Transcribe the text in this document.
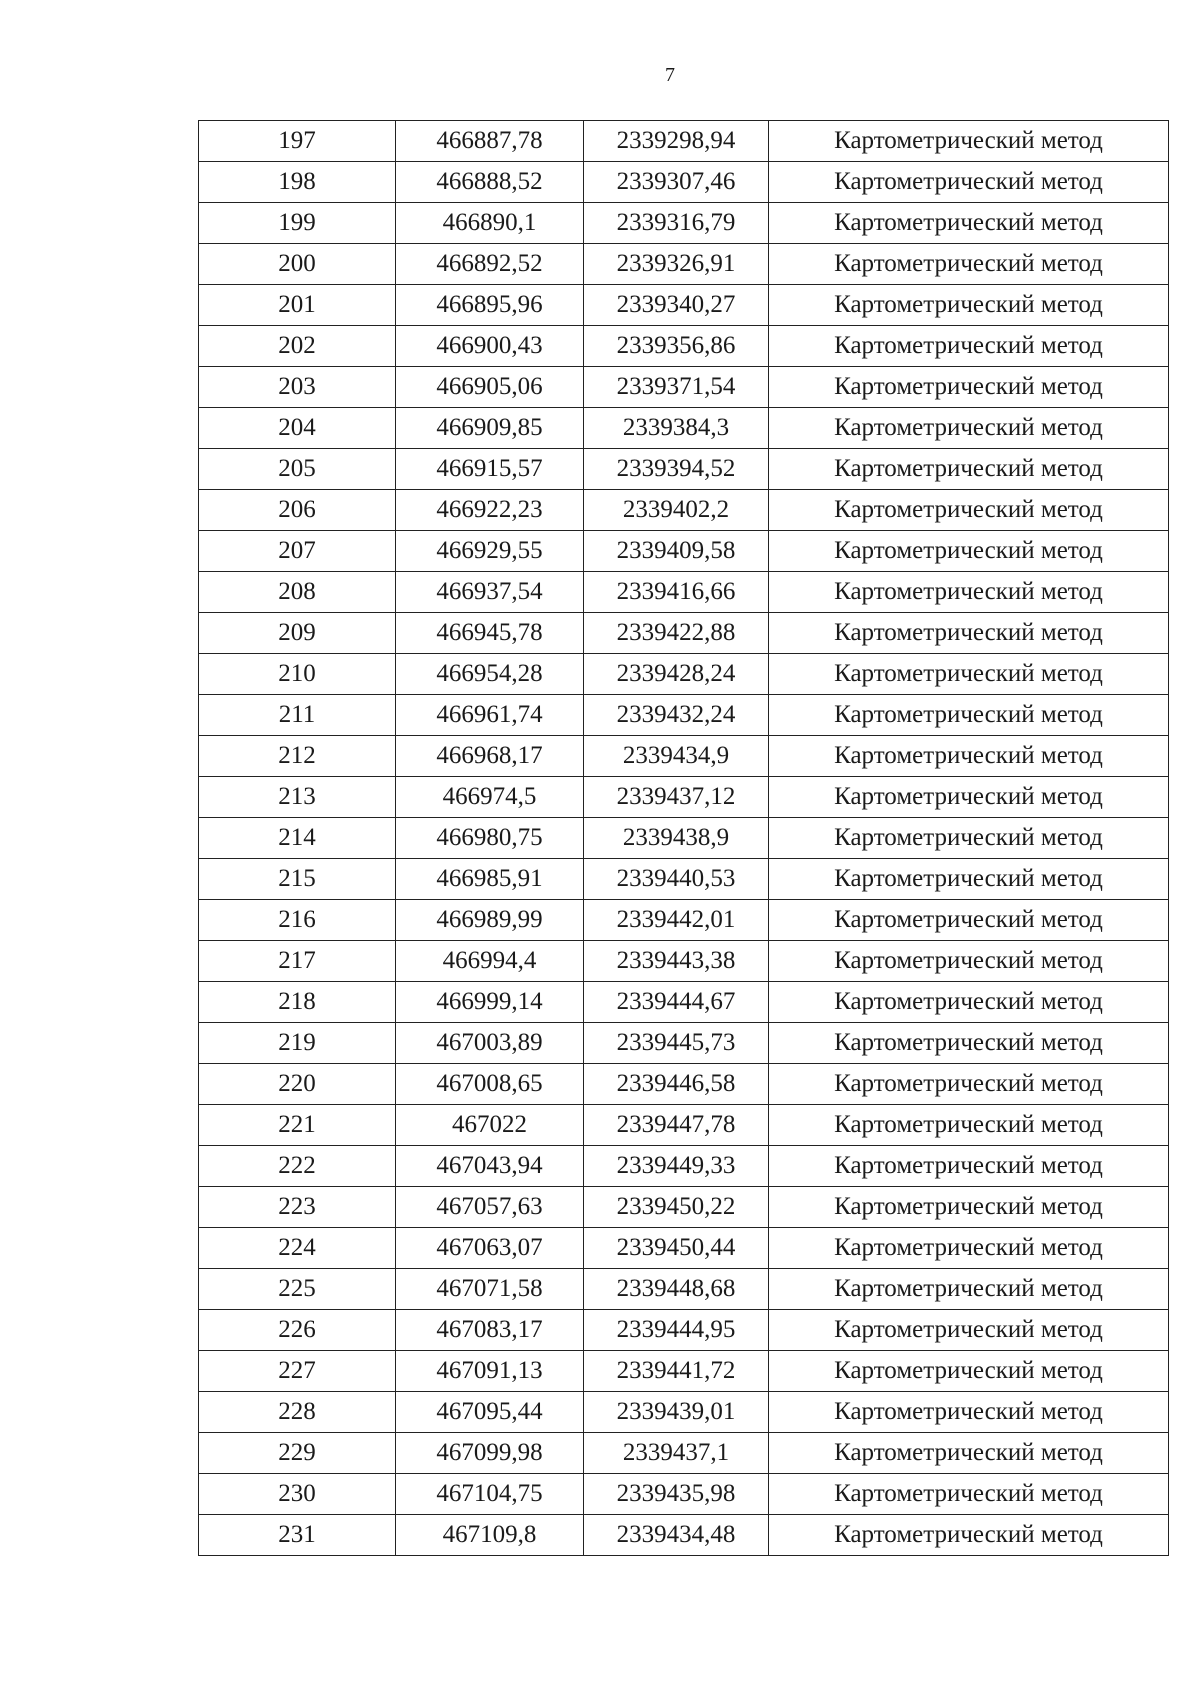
7
197	466887,78	2339298,94	Картометрический метод
198	466888,52	2339307,46	Картометрический метод
199	466890,1	2339316,79	Картометрический метод
200	466892,52	2339326,91	Картометрический метод
201	466895,96	2339340,27	Картометрический метод
202	466900,43	2339356,86	Картометрический метод
203	466905,06	2339371,54	Картометрический метод
204	466909,85	2339384,3	Картометрический метод
205	466915,57	2339394,52	Картометрический метод
206	466922,23	2339402,2	Картометрический метод
207	466929,55	2339409,58	Картометрический метод
208	466937,54	2339416,66	Картометрический метод
209	466945,78	2339422,88	Картометрический метод
210	466954,28	2339428,24	Картометрический метод
211	466961,74	2339432,24	Картометрический метод
212	466968,17	2339434,9	Картометрический метод
213	466974,5	2339437,12	Картометрический метод
214	466980,75	2339438,9	Картометрический метод
215	466985,91	2339440,53	Картометрический метод
216	466989,99	2339442,01	Картометрический метод
217	466994,4	2339443,38	Картометрический метод
218	466999,14	2339444,67	Картометрический метод
219	467003,89	2339445,73	Картометрический метод
220	467008,65	2339446,58	Картометрический метод
221	467022	2339447,78	Картометрический метод
222	467043,94	2339449,33	Картометрический метод
223	467057,63	2339450,22	Картометрический метод
224	467063,07	2339450,44	Картометрический метод
225	467071,58	2339448,68	Картометрический метод
226	467083,17	2339444,95	Картометрический метод
227	467091,13	2339441,72	Картометрический метод
228	467095,44	2339439,01	Картометрический метод
229	467099,98	2339437,1	Картометрический метод
230	467104,75	2339435,98	Картометрический метод
231	467109,8	2339434,48	Картометрический метод
